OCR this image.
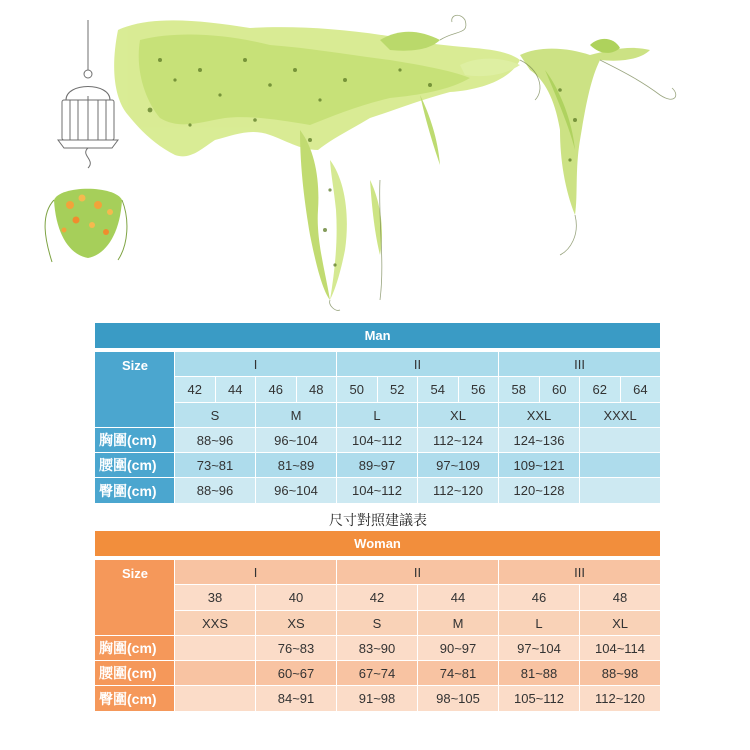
Man												

Size	I				II				III			
	42	44	46	48	50	52	54	56	58	60	62	64
	S		M		L		XL		XXL		XXXL	
胸圍(cm)	88~96		96~104		104~112		112~124		124~136			
腰圍(cm)	73~81		81~89		89~97		97~109		109~121			
臀圍(cm)	88~96		96~104		104~112		112~120		120~128			
尺寸對照建議表
Woman						

Size	I		II		III	
	38	40	42	44	46	48
	XXS	XS	S	M	L	XL
胸圍(cm)		76~83	83~90	90~97	97~104	104~114
腰圍(cm)		60~67	67~74	74~81	81~88	88~98
臀圍(cm)		84~91	91~98	98~105	105~112	112~120
